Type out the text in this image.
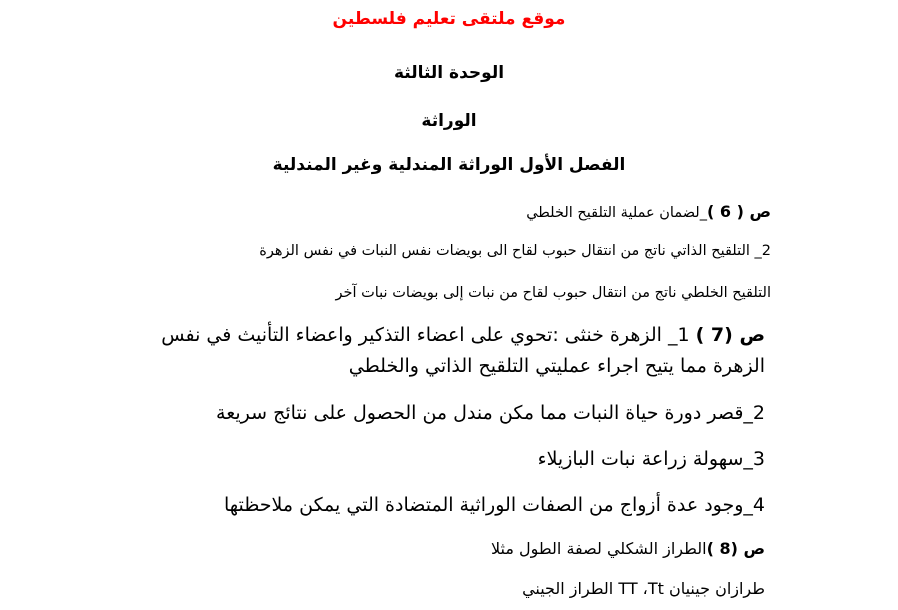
موقع ملتقى تعليم فلسطين
الوحدة الثالثة
الوراثة
الفصل الأول الوراثة المندلية وغير المندلية
ص ( 6 )_لضمان عملية التلقيح الخلطي
2_ التلقيح الذاتي ناتج من انتقال حبوب لقاح الى بويضات نفس النبات في نفس الزهرة
التلقيح الخلطي ناتج من انتقال حبوب لقاح من نبات إلى بويضات نبات آخر
ص (7 ) 1_ الزهرة خنثى :تحوي على اعضاء التذكير واعضاء التأنيث في نفس
الزهرة مما يتيح اجراء عمليتي التلقيح الذاتي والخلطي
2_قصر دورة حياة النبات مما مكن مندل من الحصول على نتائج سريعة
3_سهولة زراعة نبات البازيلاء
4_وجود عدة أزواج من الصفات الوراثية المتضادة التي يمكن ملاحظتها
ص (8 )الطراز الشكلي لصفة الطول مثلا
طرازان جينيان TT ،Tt الطراز الجيني
